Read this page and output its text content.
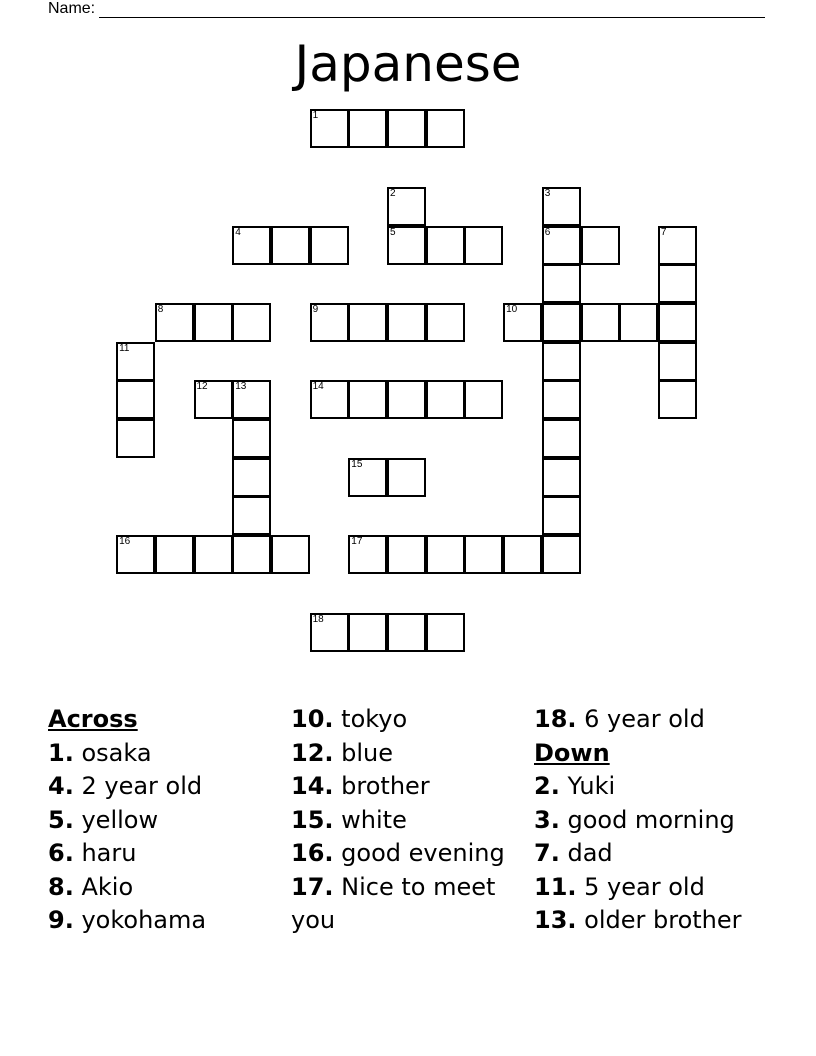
Name:
Japanese
1
2	3
4	5	6	7
8	9	10
11
12	13	14
15
16	17
18
Across
1. osaka
4. 2 year old
5. yellow
6. haru
8. Akio
9. yokohama
10. tokyo
12. blue
14. brother
15. white
16. good evening
17. Nice to meet you
18. 6 year old
Down
2. Yuki
3. good morning
7. dad
11. 5 year old
13. older brother
